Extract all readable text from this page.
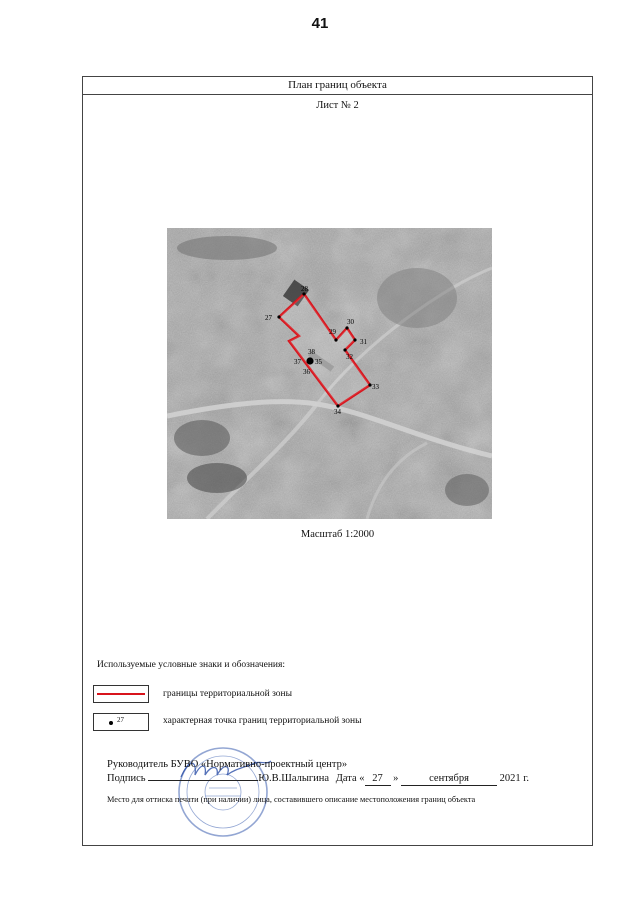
41
План границ объекта
Лист № 2
27
28
29
30
31
32
33
34
35
36
37
38
Масштаб 1:2000
Используемые условные знаки и обозначения:
границы территориальной зоны
27	характерная точка границ территориальной зоны
Руководитель БУВО «Нормативно-проектный центр»
Подпись	Ю.В.Шалыгина Дата « 27 »	сентября	2021 г.
Место для оттиска печати (при наличии) лица, составившего описание местоположения границ объекта
